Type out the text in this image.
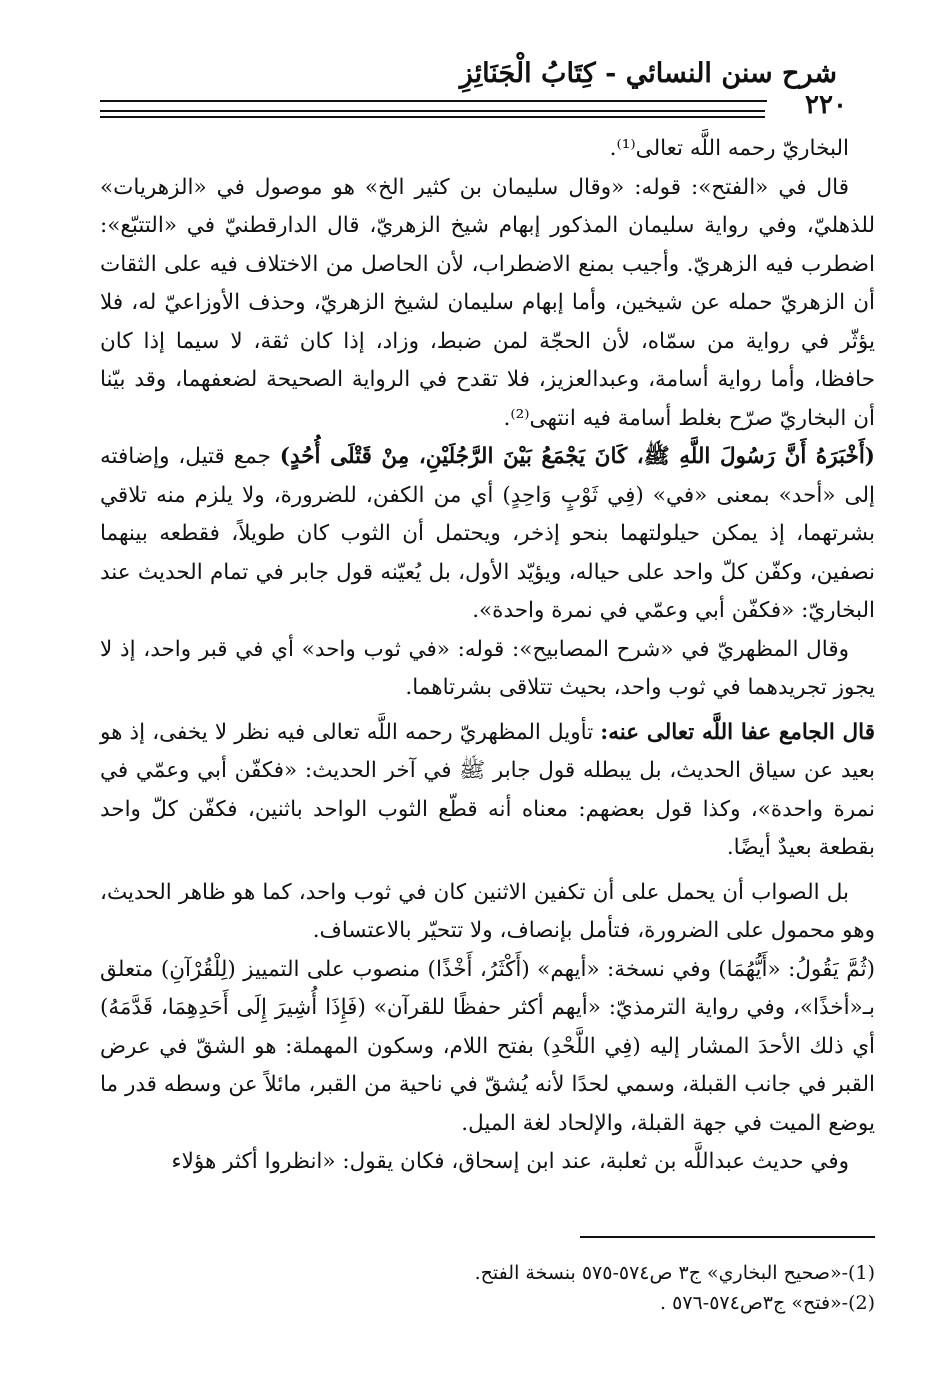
شرح سنن النسائي - كِتَابُ الْجَنَائِزِ
٢٢٠

البخاريّ رحمه اللَّه تعالى⁽¹⁾.

قال في «الفتح»: قوله: «وقال سليمان بن كثير الخ» هو موصول في «الزهريات» للذهليّ، وفي رواية سليمان المذكور إبهام شيخ الزهريّ، قال الدارقطنيّ في «التتبّع»: اضطرب فيه الزهريّ. وأجيب بمنع الاضطراب، لأن الحاصل من الاختلاف فيه على الثقات أن الزهريّ حمله عن شيخين، وأما إبهام سليمان لشيخ الزهريّ، وحذف الأوزاعيّ له، فلا يؤثّر في رواية من سمّاه، لأن الحجّة لمن ضبط، وزاد، إذا كان ثقة، لا سيما إذا كان حافظا، وأما رواية أسامة، وعبدالعزيز، فلا تقدح في الرواية الصحيحة لضعفهما، وقد بيّنا أن البخاريّ صرّح بغلط أسامة فيه انتهى⁽²⁾.

(أَخْبَرَهُ أَنَّ رَسُولَ اللَّهِ ﷺ، كَانَ يَجْمَعُ بَيْنَ الرَّجُلَيْنِ، مِنْ قَتْلَى أُحُدٍ) جمع قتيل، وإضافته إلى «أحد» بمعنى «في» (فِي ثَوْبٍ وَاحِدٍ) أي من الكفن، للضرورة، ولا يلزم منه تلاقي بشرتهما، إذ يمكن حيلولتهما بنحو إذخر، ويحتمل أن الثوب كان طويلاً، فقطعه بينهما نصفين، وكفّن كلّ واحد على حياله، ويؤيّد الأول، بل يُعيّنه قول جابر في تمام الحديث عند البخاريّ: «فكفّن أبي وعمّي في نمرة واحدة».

وقال المظهريّ في «شرح المصابيح»: قوله: «في ثوب واحد» أي في قبر واحد، إذ لا يجوز تجريدهما في ثوب واحد، بحيث تتلاقى بشرتاهما.

قال الجامع عفا اللَّه تعالى عنه: تأويل المظهريّ رحمه اللَّه تعالى فيه نظر لا يخفى، إذ هو بعيد عن سياق الحديث، بل يبطله قول جابر ﷺ في آخر الحديث: «فكفّن أبي وعمّي في نمرة واحدة»، وكذا قول بعضهم: معناه أنه قطّع الثوب الواحد باثنين، فكفّن كلّ واحد بقطعة بعيدٌ أيضًا.

بل الصواب أن يحمل على أن تكفين الاثنين كان في ثوب واحد، كما هو ظاهر الحديث، وهو محمول على الضرورة، فتأمل بإنصاف، ولا تتحيّر بالاعتساف.

(ثُمَّ يَقُولُ: «أَيُّهُمَا) وفي نسخة: «أيهم» (أَكْثَرُ، أَخْذًا) منصوب على التمييز (لِلْقُرْآنِ) متعلق بـ«أخذًا»، وفي رواية الترمذيّ: «أيهم أكثر حفظًا للقرآن» (فَإِذَا أُشِيرَ إِلَى أَحَدِهِمَا، قَدَّمَهُ) أي ذلك الأحدَ المشار إليه (فِي اللَّحْدِ) بفتح اللام، وسكون المهملة: هو الشقّ في عرض القبر في جانب القبلة، وسمي لحدًا لأنه يُشقّ في ناحية من القبر، مائلاً عن وسطه قدر ما يوضع الميت في جهة القبلة، والإلحاد لغة الميل.

وفي حديث عبداللَّه بن ثعلبة، عند ابن إسحاق، فكان يقول: «انظروا أكثر هؤلاء

(1)-«صحيح البخاري» ج٣ ص٥٧٤-٥٧٥ بنسخة الفتح.

(2)-«فتح» ج٣ص٥٧٤-٥٧٦ .
